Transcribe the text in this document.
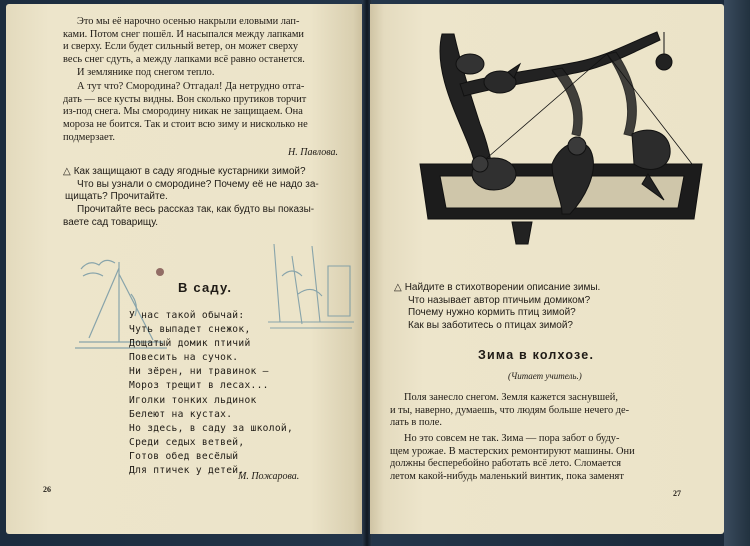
Это мы её нарочно осенью накрыли еловыми лап-
ками. Потом снег пошёл. И насыпался между лапками
и сверху. Если будет сильный ветер, он может сверху
весь снег сдуть, а между лапками всё равно останется.
И землянике под снегом тепло.
А тут что? Смородина? Отгадал! Да нетрудно отга-
дать — все кусты видны. Вон сколько прутиков торчит
из-под снега. Мы смородину никак не защищаем. Она
мороза не боится. Так и стоит всю зиму и нисколько не
подмерзает.
Н. Павлова.
△ Как защищают в саду ягодные кустарники зимой?
Что вы узнали о смородине? Почему её не надо за-
щищать? Прочитайте.
Прочитайте весь рассказ так, как будто вы показы-
ваете сад товарищу.
В саду.
У нас такой обычай:
Чуть выпадет снежок,
Дощатый домик птичий
Повесить на сучок.
Ни зёрен, ни травинок —
Мороз трещит в лесах...
Иголки тонких льдинок
Белеют на кустах.
Но здесь, в саду за школой,
Среди седых ветвей,
Готов обед весёлый
Для птичек у детей.
М. Пожарова.
26
△ Найдите в стихотворении описание зимы.
Что называет автор птичьим домиком?
Почему нужно кормить птиц зимой?
Как вы заботитесь о птицах зимой?
Зима в колхозе.
(Читает учитель.)
Поля занесло снегом. Земля кажется заснувшей,
и ты, наверно, думаешь, что людям больше нечего де-
лать в поле.
Но это совсем не так. Зима — пора забот о буду-
щем урожае. В мастерских ремонтируют машины. Они
должны бесперебойно работать всё лето. Сломается
летом какой-нибудь маленький винтик, пока заменят
27
